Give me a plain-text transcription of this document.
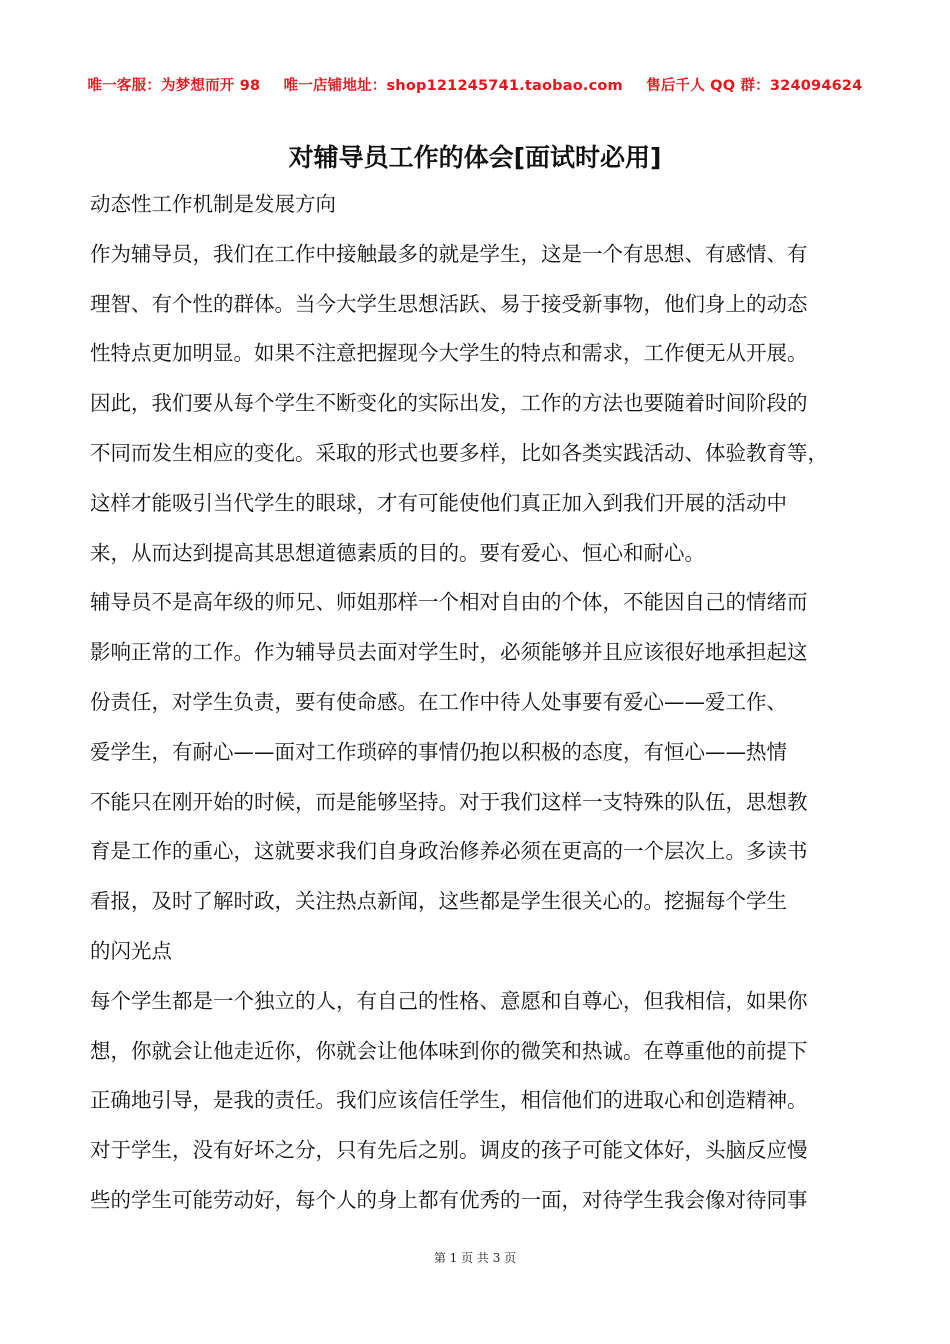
唯一客服：为梦想而开 98 唯一店铺地址：shop121245741.taobao.com 售后千人 QQ 群：324094624
对辅导员工作的体会[面试时必用]
动态性工作机制是发展方向
作为辅导员，我们在工作中接触最多的就是学生，这是一个有思想、有感情、有
理智、有个性的群体。当今大学生思想活跃、易于接受新事物，他们身上的动态
性特点更加明显。如果不注意把握现今大学生的特点和需求，工作便无从开展。
因此，我们要从每个学生不断变化的实际出发，工作的方法也要随着时间阶段的
不同而发生相应的变化。采取的形式也要多样，比如各类实践活动、体验教育等，
这样才能吸引当代学生的眼球，才有可能使他们真正加入到我们开展的活动中
来，从而达到提高其思想道德素质的目的。要有爱心、恒心和耐心。
辅导员不是高年级的师兄、师姐那样一个相对自由的个体，不能因自己的情绪而
影响正常的工作。作为辅导员去面对学生时，必须能够并且应该很好地承担起这
份责任，对学生负责，要有使命感。在工作中待人处事要有爱心——爱工作、
爱学生，有耐心——面对工作琐碎的事情仍抱以积极的态度，有恒心——热情
不能只在刚开始的时候，而是能够坚持。对于我们这样一支特殊的队伍，思想教
育是工作的重心，这就要求我们自身政治修养必须在更高的一个层次上。多读书
看报，及时了解时政，关注热点新闻，这些都是学生很关心的。挖掘每个学生
的闪光点
每个学生都是一个独立的人，有自己的性格、意愿和自尊心，但我相信，如果你
想，你就会让他走近你，你就会让他体味到你的微笑和热诚。在尊重他的前提下
正确地引导，是我的责任。我们应该信任学生，相信他们的进取心和创造精神。
对于学生，没有好坏之分，只有先后之别。调皮的孩子可能文体好，头脑反应慢
些的学生可能劳动好，每个人的身上都有优秀的一面，对待学生我会像对待同事
第 1 页 共 3 页
